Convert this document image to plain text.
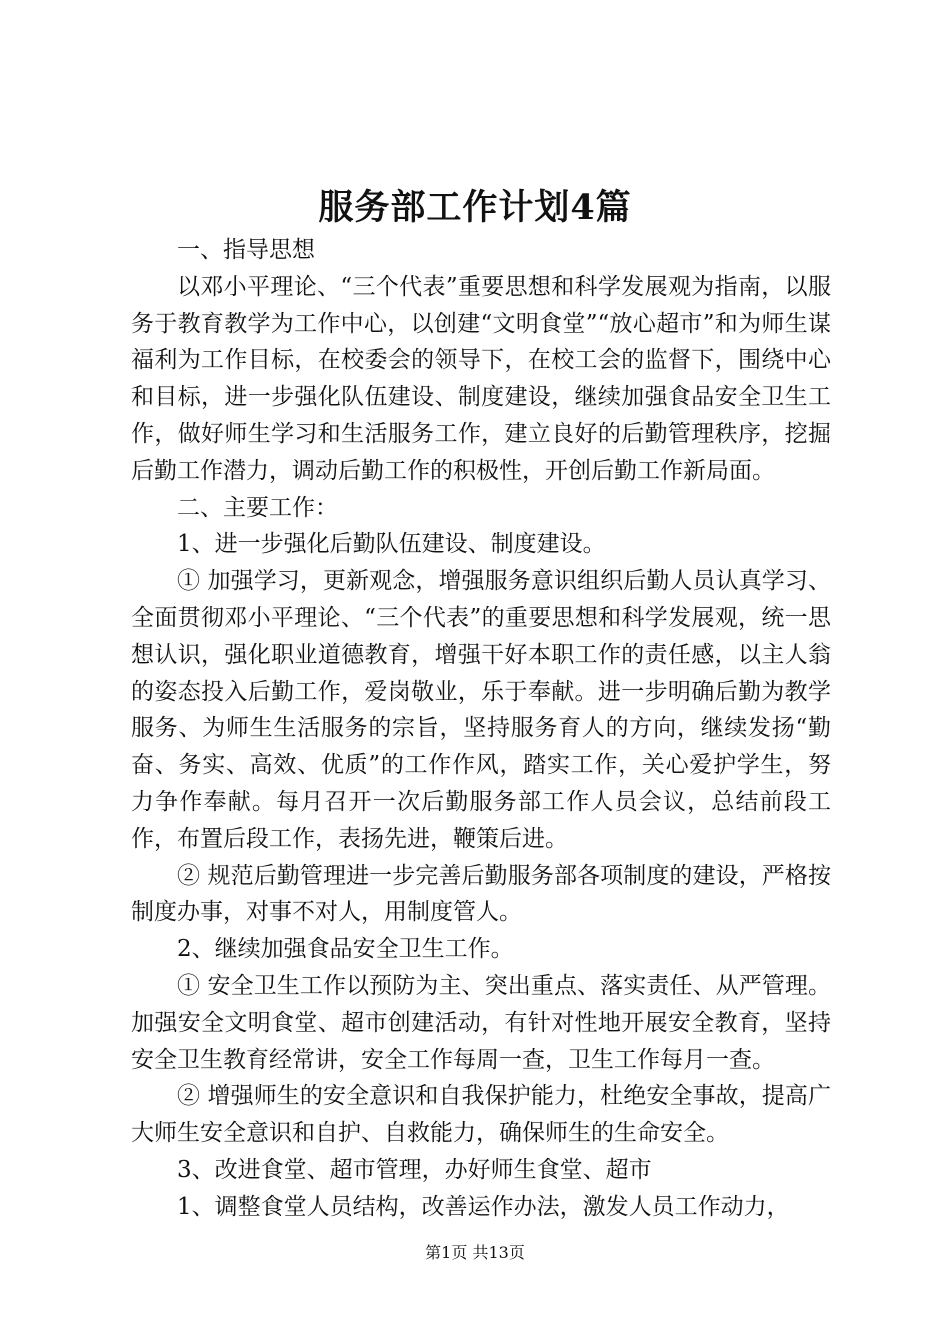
服务部工作计划4篇

一、指导思想

以邓小平理论、“三个代表”重要思想和科学发展观为指南，以服务于教育教学为工作中心，以创建“文明食堂”“放心超市”和为师生谋福利为工作目标，在校委会的领导下，在校工会的监督下，围绕中心和目标，进一步强化队伍建设、制度建设，继续加强食品安全卫生工作，做好师生学习和生活服务工作，建立良好的后勤管理秩序，挖掘后勤工作潜力，调动后勤工作的积极性，开创后勤工作新局面。

二、主要工作：

1、进一步强化后勤队伍建设、制度建设。

① 加强学习，更新观念，增强服务意识组织后勤人员认真学习、全面贯彻邓小平理论、“三个代表”的重要思想和科学发展观，统一思想认识，强化职业道德教育，增强干好本职工作的责任感，以主人翁的姿态投入后勤工作，爱岗敬业，乐于奉献。进一步明确后勤为教学服务、为师生生活服务的宗旨，坚持服务育人的方向，继续发扬“勤奋、务实、高效、优质”的工作作风，踏实工作，关心爱护学生，努力争作奉献。每月召开一次后勤服务部工作人员会议，总结前段工作，布置后段工作，表扬先进，鞭策后进。

② 规范后勤管理进一步完善后勤服务部各项制度的建设，严格按制度办事，对事不对人，用制度管人。

2、继续加强食品安全卫生工作。

① 安全卫生工作以预防为主、突出重点、落实责任、从严管理。加强安全文明食堂、超市创建活动，有针对性地开展安全教育，坚持安全卫生教育经常讲，安全工作每周一查，卫生工作每月一查。

② 增强师生的安全意识和自我保护能力，杜绝安全事故，提高广大师生安全意识和自护、自救能力，确保师生的生命安全。

3、改进食堂、超市管理，办好师生食堂、超市

1、调整食堂人员结构，改善运作办法，激发人员工作动力，

第1页 共13页
